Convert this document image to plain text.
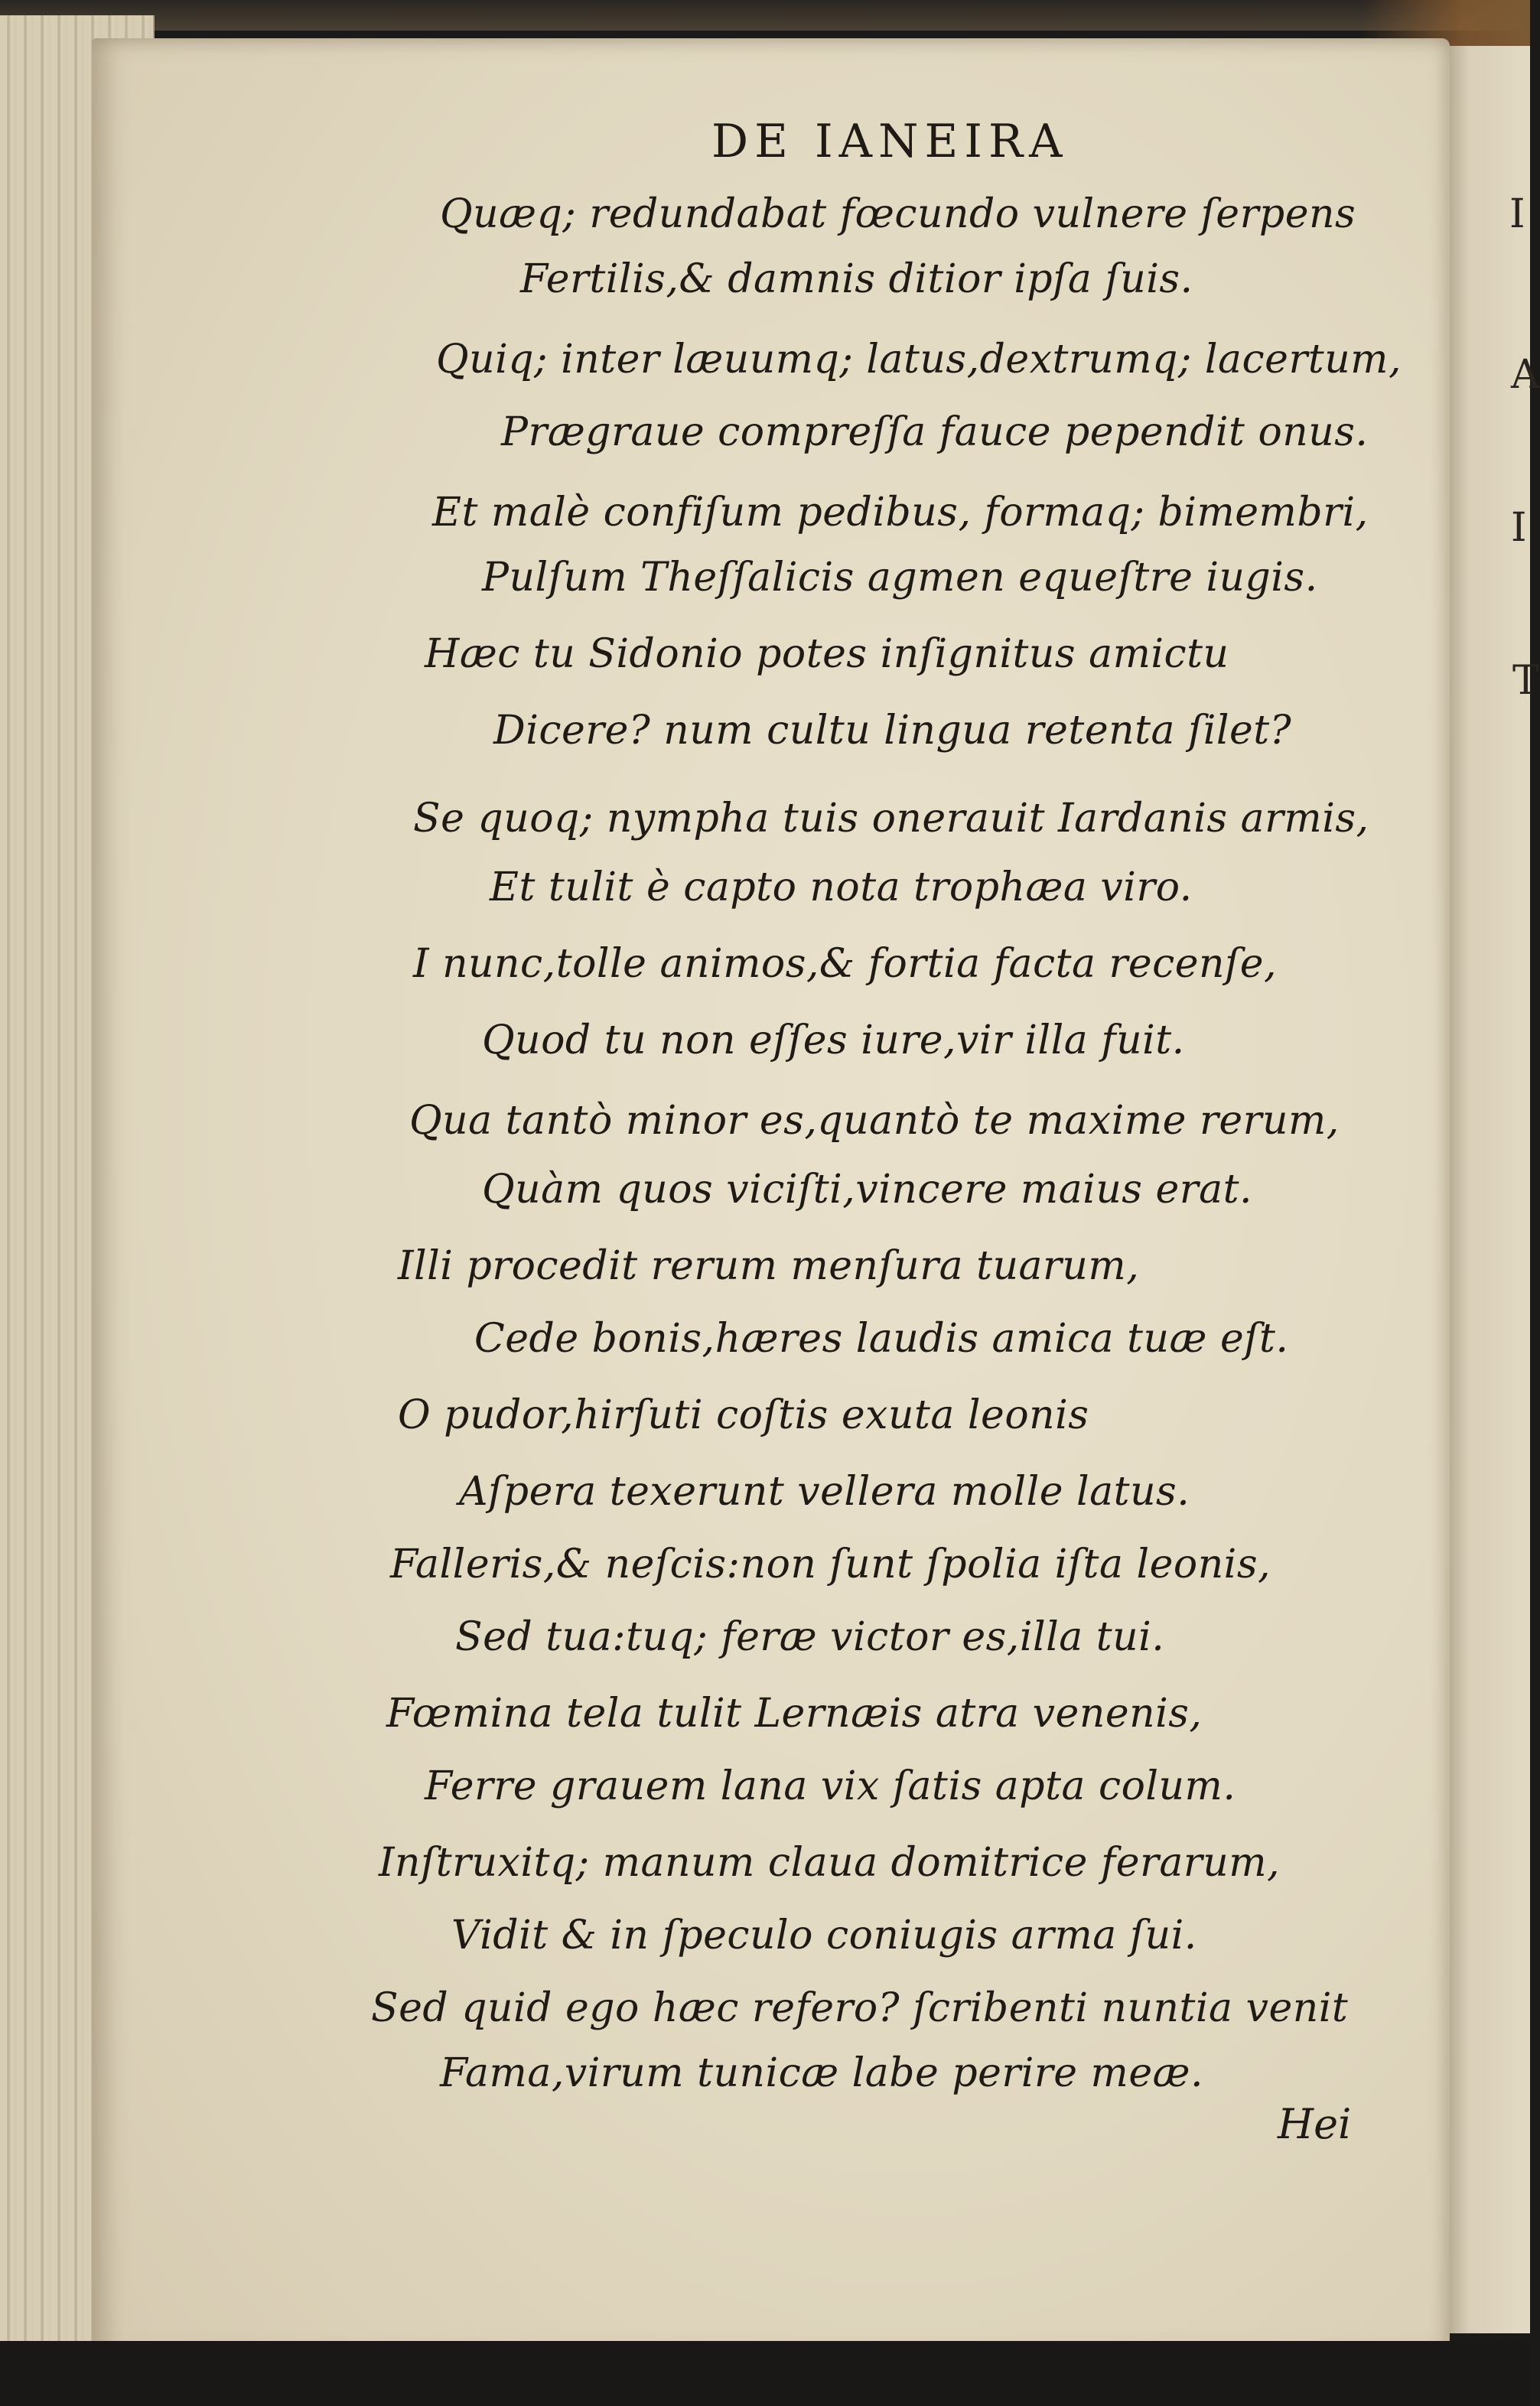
I
A
I
T
DE IANEIRA
Quæq; redundabat fœcundo vulnere ſerpens
Fertilis,& damnis ditior ipſa ſuis.
Quiq; inter læuumq; latus,dextrumq; lacertum,
Prægraue compreſſa fauce pependit onus.
Et malè confiſum pedibus, formaq; bimembri,
Pulſum Theſſalicis agmen equeſtre iugis.
Hæc tu Sidonio potes inſignitus amictu
Dicere? num cultu lingua retenta ſilet?
Se quoq; nympha tuis onerauit Iardanis armis,
Et tulit è capto nota trophæa viro.
I nunc,tolle animos,& fortia facta recenſe,
Quod tu non eſſes iure,vir illa fuit.
Qua tantò minor es,quantò te maxime rerum,
Quàm quos viciſti,vincere maius erat.
Illi procedit rerum menſura tuarum,
Cede bonis,hæres laudis amica tuæ eſt.
O pudor,hirſuti coſtis exuta leonis
Aſpera texerunt vellera molle latus.
Falleris,& neſcis:non ſunt ſpolia iſta leonis,
Sed tua:tuq; feræ victor es,illa tui.
Fœmina tela tulit Lernæis atra venenis,
Ferre grauem lana vix ſatis apta colum.
Inſtruxitq; manum claua domitrice ferarum,
Vidit & in ſpeculo coniugis arma ſui.
Sed quid ego hæc refero? ſcribenti nuntia venit
Fama,virum tunicæ labe perire meæ.
Hei
